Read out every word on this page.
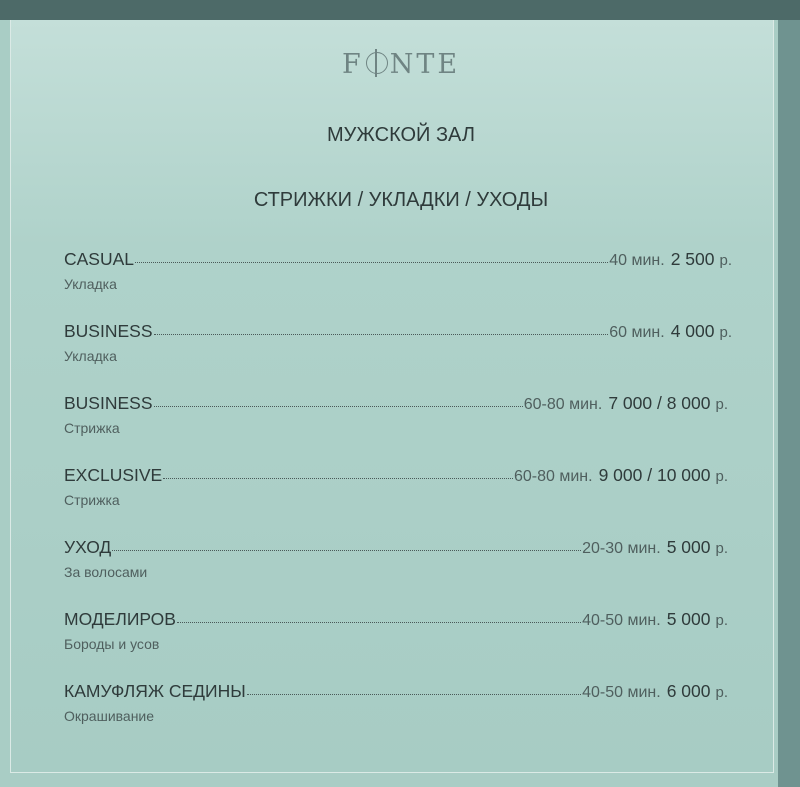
F NTE
МУЖСКОЙ ЗАЛ
СТРИЖКИ / УКЛАДКИ / УХОДЫ
CASUAL	40 мин. 2 500 р.
Укладка
BUSINESS	60 мин. 4 000 р.
Укладка
BUSINESS	60-80 мин. 7 000 / 8 000 р.
Стрижка
EXCLUSIVE	60-80 мин. 9 000 / 10 000 р.
Стрижка
УХОД	20-30 мин. 5 000 р.
За волосами
МОДЕЛИРОВ	40-50 мин. 5 000 р.
Бороды и усов
КАМУФЛЯЖ СЕДИНЫ	40-50 мин. 6 000 р.
Окрашивание
